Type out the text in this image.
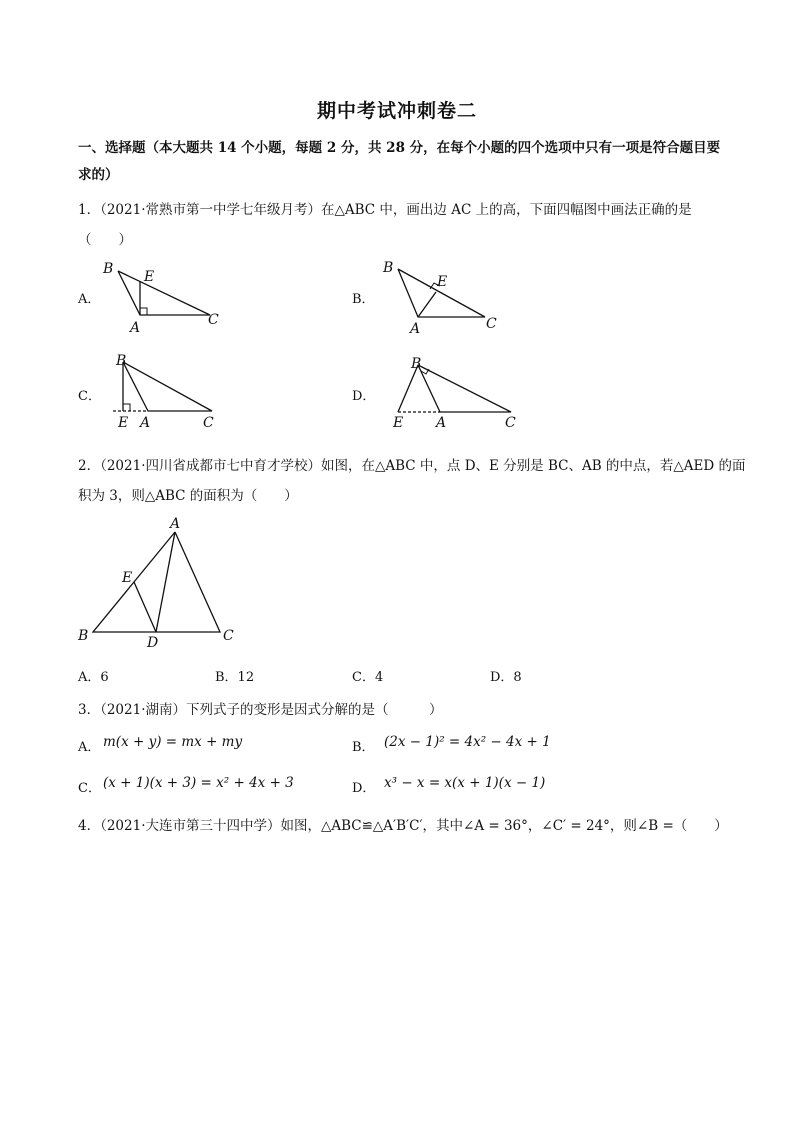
期中考试冲刺卷二
一、选择题（本大题共 14 个小题，每题 2 分，共 28 分，在每个小题的四个选项中只有一项是符合题目要
求的）
1．（2021·常熟市第一中学七年级月考）在△ABC 中，画出边 AC 上的高，下面四幅图中画法正确的是
（　　）
A．
B E
A	C
B．
B
E
A	C
C．
B
E A	C
D．
B
E A	C
2．（2021·四川省成都市七中育才学校）如图，在△ABC 中，点 D、E 分别是 BC、AB 的中点，若△AED 的面
积为 3，则△ABC 的面积为（　　）
A
B	C
D
E
A．6	B．12	C．4	D．8
3．（2021·湖南）下列式子的变形是因式分解的是（　　　）
A． m(x + y) = mx + my	B． (2x − 1)² = 4x² − 4x + 1
C． (x + 1)(x + 3) = x² + 4x + 3	D． x³ − x = x(x + 1)(x − 1)
4．（2021·大连市第三十四中学）如图，△ABC≌△A′B′C′，其中∠A = 36°，∠C′ = 24°，则∠B =（　　）
